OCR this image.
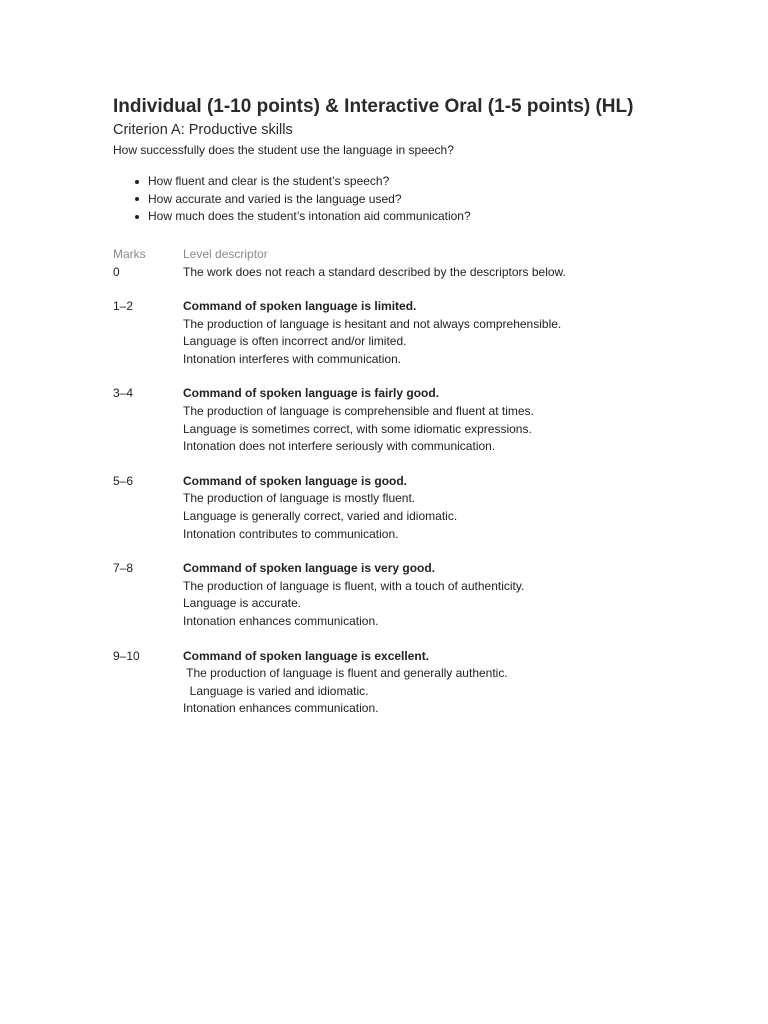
Individual (1-10 points) & Interactive Oral (1-5 points) (HL)
Criterion A: Productive skills
How successfully does the student use the language in speech?
How fluent and clear is the student’s speech?
How accurate and varied is the language used?
How much does the student’s intonation aid communication?
Marks	Level descriptor
0	The work does not reach a standard described by the descriptors below.
1–2	Command of spoken language is limited.
The production of language is hesitant and not always comprehensible.
Language is often incorrect and/or limited.
Intonation interferes with communication.
3–4	Command of spoken language is fairly good.
The production of language is comprehensible and fluent at times.
Language is sometimes correct, with some idiomatic expressions.
Intonation does not interfere seriously with communication.
5–6	Command of spoken language is good.
The production of language is mostly fluent.
Language is generally correct, varied and idiomatic.
Intonation contributes to communication.
7–8	Command of spoken language is very good.
The production of language is fluent, with a touch of authenticity.
Language is accurate.
Intonation enhances communication.
9–10	Command of spoken language is excellent.
The production of language is fluent and generally authentic.
Language is varied and idiomatic.
Intonation enhances communication.
